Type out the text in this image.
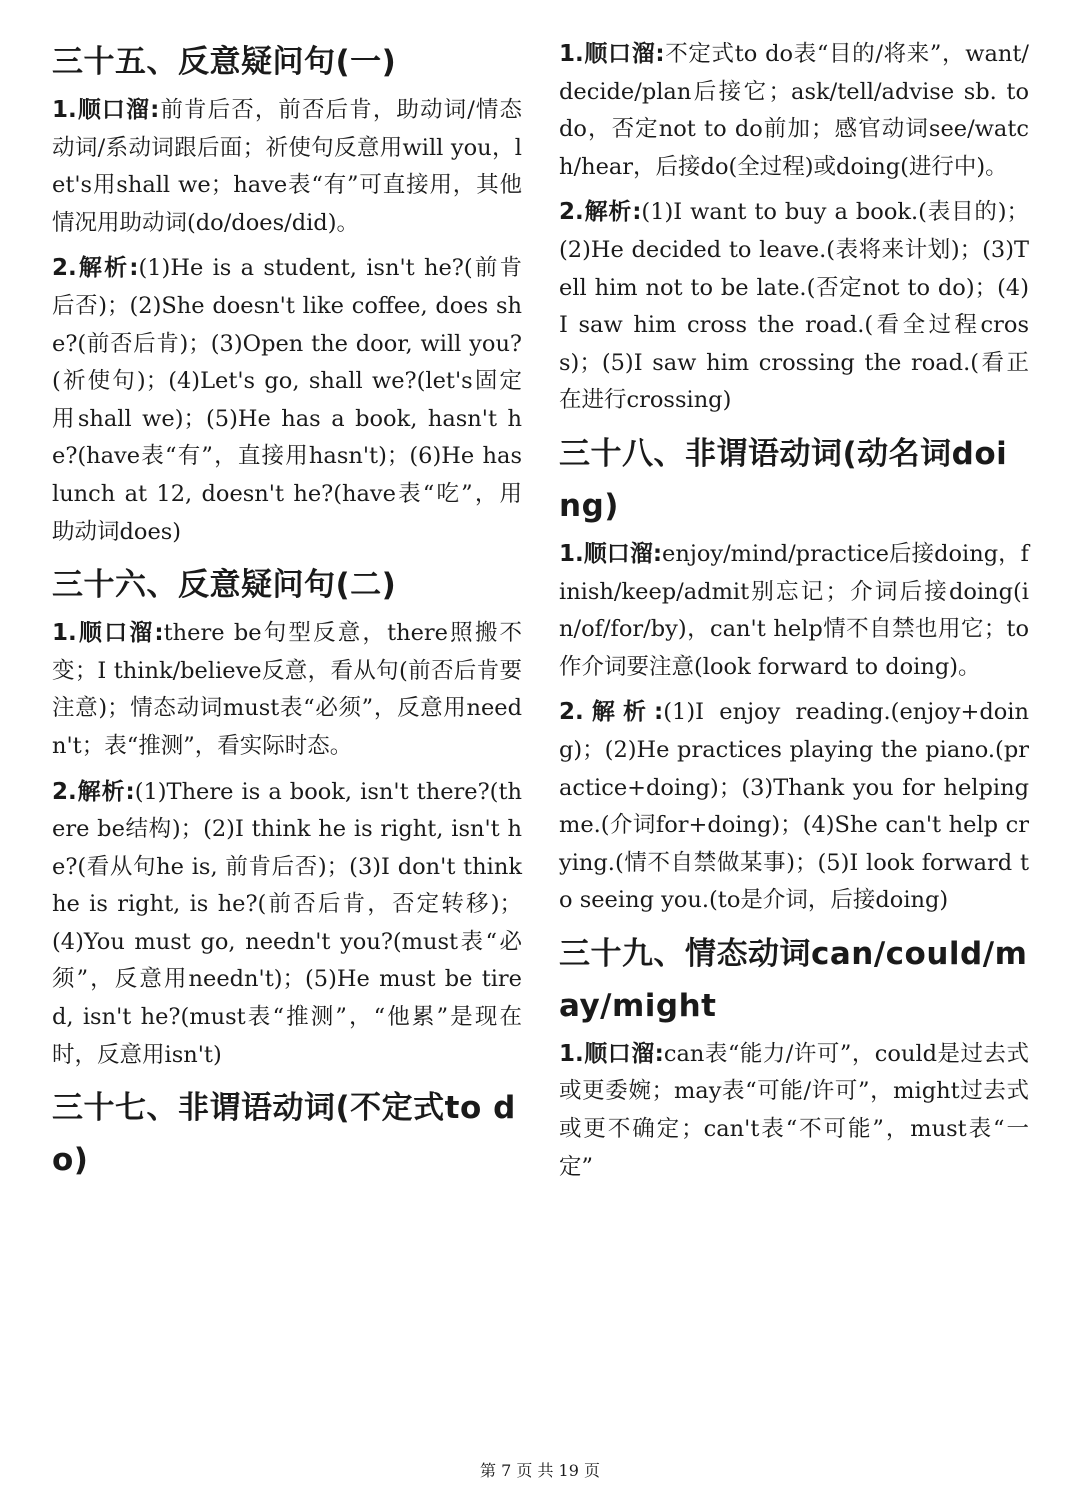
三十五、反意疑问句(一)

1.顺口溜:前肯后否，前否后肯，助动词/情态动词/系动词跟后面；祈使句反意用will you，let's用shall we；have表“有”可直接用，其他情况用助动词(do/does/did)。

2.解析:(1)He is a student, isn't he?(前肯后否)；(2)She doesn't like coffee, does she?(前否后肯)；(3)Open the door, will you?(祈使句)；(4)Let's go, shall we?(let's固定用shall we)；(5)He has a book, hasn't he?(have表“有”，直接用hasn't)；(6)He has lunch at 12, doesn't he?(have表“吃”，用助动词does)

三十六、反意疑问句(二)

1.顺口溜:there be句型反意，there照搬不变；I think/believe反意，看从句(前否后肯要注意)；情态动词must表“必须”，反意用needn't；表“推测”，看实际时态。

2.解析:(1)There is a book, isn't there?(there be结构)；(2)I think he is right, isn't he?(看从句he is, 前肯后否)；(3)I don't think he is right, is he?(前否后肯，否定转移)；(4)You must go, needn't you?(must表“必须”，反意用needn't)；(5)He must be tired, isn't he?(must表“推测”，“他累”是现在时，反意用isn't)

三十七、非谓语动词(不定式to do)

1.顺口溜:不定式to do表“目的/将来”，want/decide/plan后接它；ask/tell/advise sb. to do，否定not to do前加；感官动词see/watch/hear，后接do(全过程)或doing(进行中)。

2.解析:(1)I want to buy a book.(表目的)；(2)He decided to leave.(表将来计划)；(3)Tell him not to be late.(否定not to do)；(4)I saw him cross the road.(看全过程cross)；(5)I saw him crossing the road.(看正在进行crossing)

三十八、非谓语动词(动名词doing)

1.顺口溜:enjoy/mind/practice后接doing，finish/keep/admit别忘记；介词后接doing(in/of/for/by)，can't help情不自禁也用它；to作介词要注意(look forward to doing)。

2.解析:(1)I enjoy reading.(enjoy+doing)；(2)He practices playing the piano.(practice+doing)；(3)Thank you for helping me.(介词for+doing)；(4)She can't help crying.(情不自禁做某事)；(5)I look forward to seeing you.(to是介词，后接doing)

三十九、情态动词can/could/may/might

1.顺口溜:can表“能力/许可”，could是过去式或更委婉；may表“可能/许可”，might过去式或更不确定；can't表“不可能”，must表“一定”

第 7 页 共 19 页
